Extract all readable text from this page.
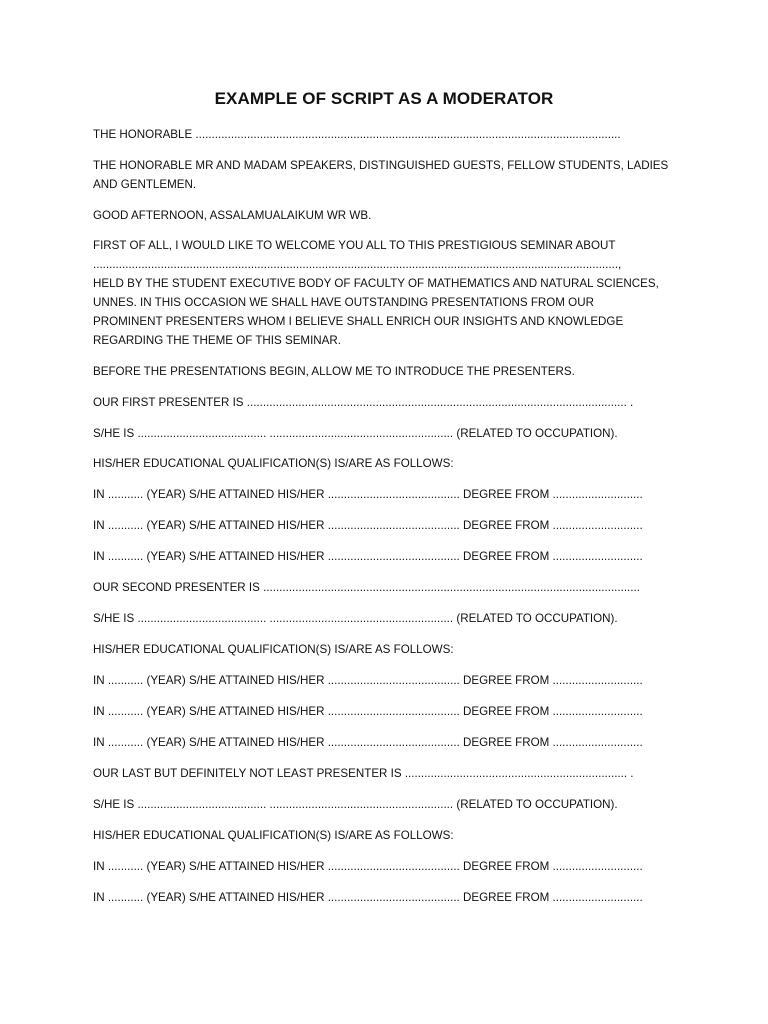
EXAMPLE OF SCRIPT AS A MODERATOR
THE HONORABLE ....................................................................................................................................
THE HONORABLE MR AND MADAM SPEAKERS, DISTINGUISHED GUESTS, FELLOW STUDENTS, LADIES
AND GENTLEMEN.
GOOD AFTERNOON, ASSALAMUALAIKUM WR WB.
FIRST OF ALL, I WOULD LIKE TO WELCOME YOU ALL TO THIS PRESTIGIOUS SEMINAR ABOUT
...................................................................................................................................................................,
HELD BY THE STUDENT EXECUTIVE BODY OF FACULTY OF MATHEMATICS AND NATURAL SCIENCES,
UNNES. IN THIS OCCASION WE SHALL HAVE OUTSTANDING PRESENTATIONS FROM OUR
PROMINENT PRESENTERS WHOM I BELIEVE SHALL ENRICH OUR INSIGHTS AND KNOWLEDGE
REGARDING THE THEME OF THIS SEMINAR.
BEFORE THE PRESENTATIONS BEGIN, ALLOW ME TO INTRODUCE THE PRESENTERS.
OUR FIRST PRESENTER IS ...................................................................................................................... .
S/HE IS ........................................ ......................................................... (RELATED TO OCCUPATION).
HIS/HER EDUCATIONAL QUALIFICATION(S) IS/ARE AS FOLLOWS:
IN ........... (YEAR) S/HE ATTAINED HIS/HER ......................................... DEGREE FROM ............................
IN ........... (YEAR) S/HE ATTAINED HIS/HER ......................................... DEGREE FROM ............................
IN ........... (YEAR) S/HE ATTAINED HIS/HER ......................................... DEGREE FROM ............................
OUR SECOND PRESENTER IS .....................................................................................................................
S/HE IS ........................................ ......................................................... (RELATED TO OCCUPATION).
HIS/HER EDUCATIONAL QUALIFICATION(S) IS/ARE AS FOLLOWS:
IN ........... (YEAR) S/HE ATTAINED HIS/HER ......................................... DEGREE FROM ............................
IN ........... (YEAR) S/HE ATTAINED HIS/HER ......................................... DEGREE FROM ............................
IN ........... (YEAR) S/HE ATTAINED HIS/HER ......................................... DEGREE FROM ............................
OUR LAST BUT DEFINITELY NOT LEAST PRESENTER IS ..................................................................... .
S/HE IS ........................................ ......................................................... (RELATED TO OCCUPATION).
HIS/HER EDUCATIONAL QUALIFICATION(S) IS/ARE AS FOLLOWS:
IN ........... (YEAR) S/HE ATTAINED HIS/HER ......................................... DEGREE FROM ............................
IN ........... (YEAR) S/HE ATTAINED HIS/HER ......................................... DEGREE FROM ............................
